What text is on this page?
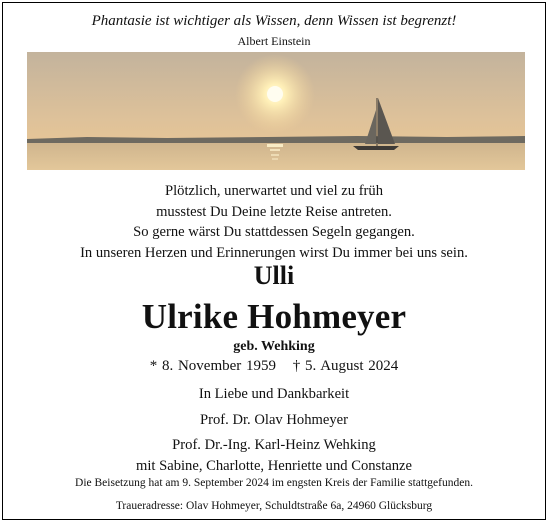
Phantasie ist wichtiger als Wissen, denn Wissen ist begrenzt!
Albert Einstein
Plötzlich, unerwartet und viel zu früh
musstest Du Deine letzte Reise antreten.
So gerne wärst Du stattdessen Segeln gegangen.
In unseren Herzen und Erinnerungen wirst Du immer bei uns sein.
Ulli
Ulrike Hohmeyer
geb. Wehking
* 8. November 1959 † 5. August 2024
In Liebe und Dankbarkeit
Prof. Dr. Olav Hohmeyer
Prof. Dr.-Ing. Karl-Heinz Wehking
mit Sabine, Charlotte, Henriette und Constanze
Die Beisetzung hat am 9. September 2024 im engsten Kreis der Familie stattgefunden.
Traueradresse: Olav Hohmeyer, Schuldtstraße 6a, 24960 Glücksburg
